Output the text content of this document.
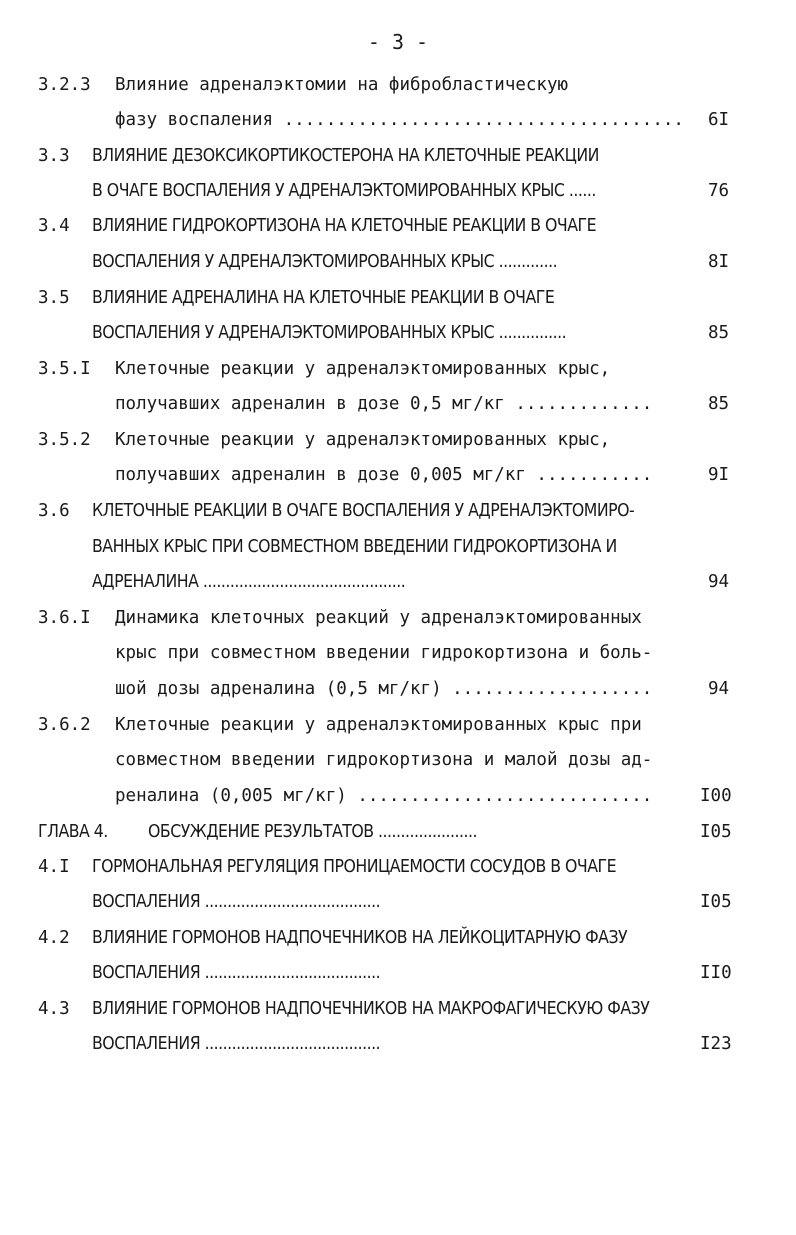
- 3 -
3.2.3 Влияние адреналэктомии на фибробластическую
фазу воспаления ...................................... 6I
3.3 ВЛИЯНИЕ ДЕЗОКСИКОРТИКОСТЕРОНА НА КЛЕТОЧНЫЕ РЕАКЦИИ
В ОЧАГЕ ВОСПАЛЕНИЯ У АДРЕНАЛЭКТОМИРОВАННЫХ КРЫС ......	76
3.4 ВЛИЯНИЕ ГИДРОКОРТИЗОНА НА КЛЕТОЧНЫЕ РЕАКЦИИ В ОЧАГЕ
ВОСПАЛЕНИЯ У АДРЕНАЛЭКТОМИРОВАННЫХ КРЫС .............	8I
3.5 ВЛИЯНИЕ АДРЕНАЛИНА НА КЛЕТОЧНЫЕ РЕАКЦИИ В ОЧАГЕ
ВОСПАЛЕНИЯ У АДРЕНАЛЭКТОМИРОВАННЫХ КРЫС ...............	85
3.5.I Клеточные реакции у адреналэктомированных крыс,
получавших адреналин в дозе 0,5 мг/кг .............	85
3.5.2 Клеточные реакции у адреналэктомированных крыс,
получавших адреналин в дозе 0,005 мг/кг ...........	9I
3.6 КЛЕТОЧНЫЕ РЕАКЦИИ В ОЧАГЕ ВОСПАЛЕНИЯ У АДРЕНАЛЭКТОМИРО-
ВАННЫХ КРЫС ПРИ СОВМЕСТНОМ ВВЕДЕНИИ ГИДРОКОРТИЗОНА И
АДРЕНАЛИНА .............................................	94
3.6.I Динамика клеточных реакций у адреналэктомированных
крыс при совместном введении гидрокортизона и боль-
шой дозы адреналина (0,5 мг/кг) ...................	94
3.6.2 Клеточные реакции у адреналэктомированных крыс при
совместном введении гидрокортизона и малой дозы ад-
реналина (0,005 мг/кг) ............................	I00
ГЛАВА 4. ОБСУЖДЕНИЕ РЕЗУЛЬТАТОВ ......................	I05
4.I ГОРМОНАЛЬНАЯ РЕГУЛЯЦИЯ ПРОНИЦАЕМОСТИ СОСУДОВ В ОЧАГЕ
ВОСПАЛЕНИЯ .......................................	I05
4.2 ВЛИЯНИЕ ГОРМОНОВ НАДПОЧЕЧНИКОВ НА ЛЕЙКОЦИТАРНУЮ ФАЗУ
ВОСПАЛЕНИЯ .......................................	II0
4.3 ВЛИЯНИЕ ГОРМОНОВ НАДПОЧЕЧНИКОВ НА МАКРОФАГИЧЕСКУЮ ФАЗУ
ВОСПАЛЕНИЯ .......................................	I23
